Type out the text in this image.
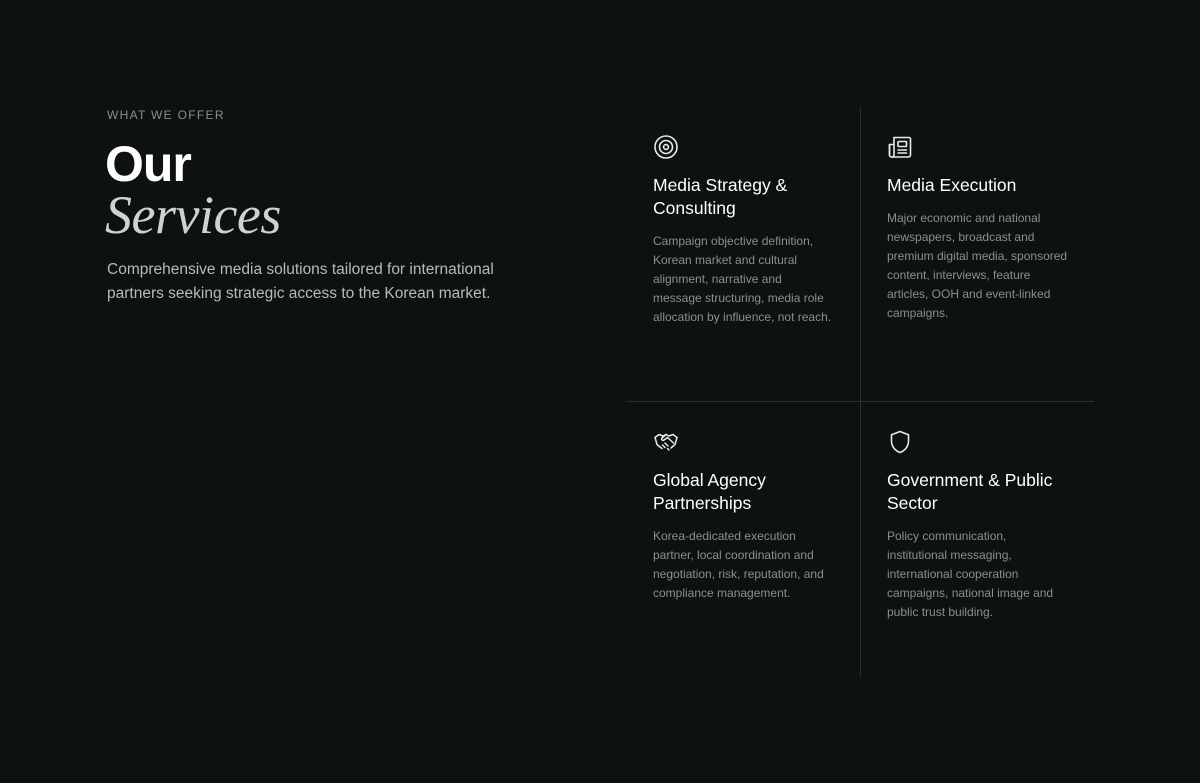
WHAT WE OFFER
Our
Services
Comprehensive media solutions tailored for international partners seeking strategic access to the Korean market.
Media Strategy & Consulting

Campaign objective definition, Korean market and cultural alignment, narrative and message structuring, media role allocation by influence, not reach.

Media Execution

Major economic and national newspapers, broadcast and premium digital media, sponsored content, interviews, feature articles, OOH and event-linked campaigns.

Global Agency Partnerships

Korea-dedicated execution partner, local coordination and negotiation, risk, reputation, and compliance management.

Government & Public Sector

Policy communication, institutional messaging, international cooperation campaigns, national image and public trust building.
